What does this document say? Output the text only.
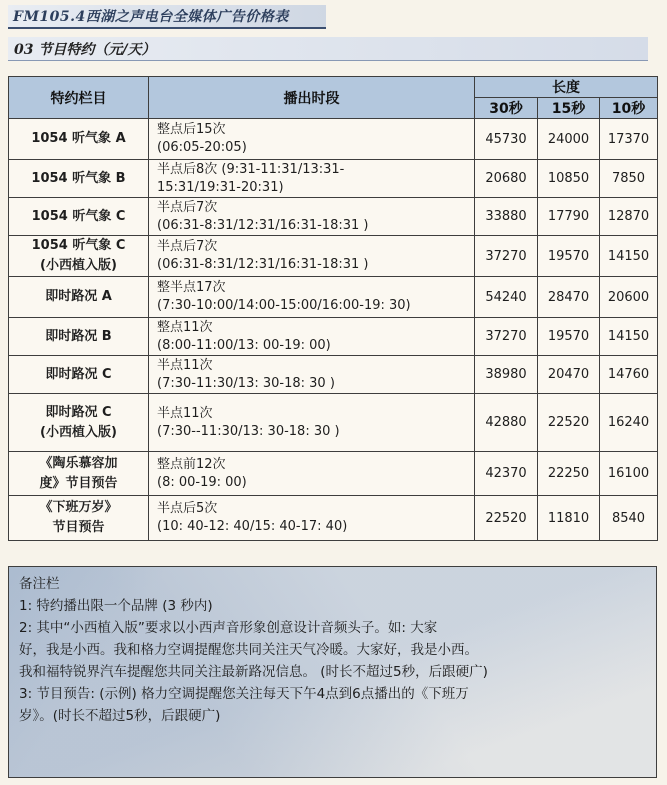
FM105.4西湖之声电台全媒体广告价格表
03 节目特约（元/天）
特约栏目	播出时段	长度		
		30秒	15秒	10秒

1054 听气象 A	整点后15次
(06:05-20:05)	45730	24000	17370

1054 听气象 B	半点后8次 (9:31-11:31/13:31-
15:31/19:31-20:31)	20680	10850	7850

1054 听气象 C	半点后7次
(06:31-8:31/12:31/16:31-18:31 )	33880	17790	12870

1054 听气象 C
(小西植入版)	半点后7次
(06:31-8:31/12:31/16:31-18:31 )	37270	19570	14150

即时路况 A	整半点17次
(7:30-10:00/14:00-15:00/16:00-19: 30)	54240	28470	20600

即时路况 B	整点11次
(8:00-11:00/13: 00-19: 00)	37270	19570	14150

即时路况 C	半点11次
(7:30-11:30/13: 30-18: 30 )	38980	20470	14760

即时路况 C
(小西植入版)	半点11次
(7:30--11:30/13: 30-18: 30 )	42880	22520	16240

《陶乐慕容加
度》节目预告	整点前12次
(8: 00-19: 00)	42370	22250	16100

《下班万岁》
节目预告	半点后5次
(10: 40-12: 40/15: 40-17: 40)	22520	11810	8540
备注栏
1: 特约播出限一个品牌 (3 秒内)
2: 其中“小西植入版”要求以小西声音形象创意设计音频头子。如: 大家
好，我是小西。我和格力空调提醒您共同关注天气冷暖。大家好，我是小西。
我和福特锐界汽车提醒您共同关注最新路况信息。 (时长不超过5秒，后跟硬广)
3: 节目预告: (示例) 格力空调提醒您关注每天下午4点到6点播出的《下班万
岁》。(时长不超过5秒，后跟硬广)
